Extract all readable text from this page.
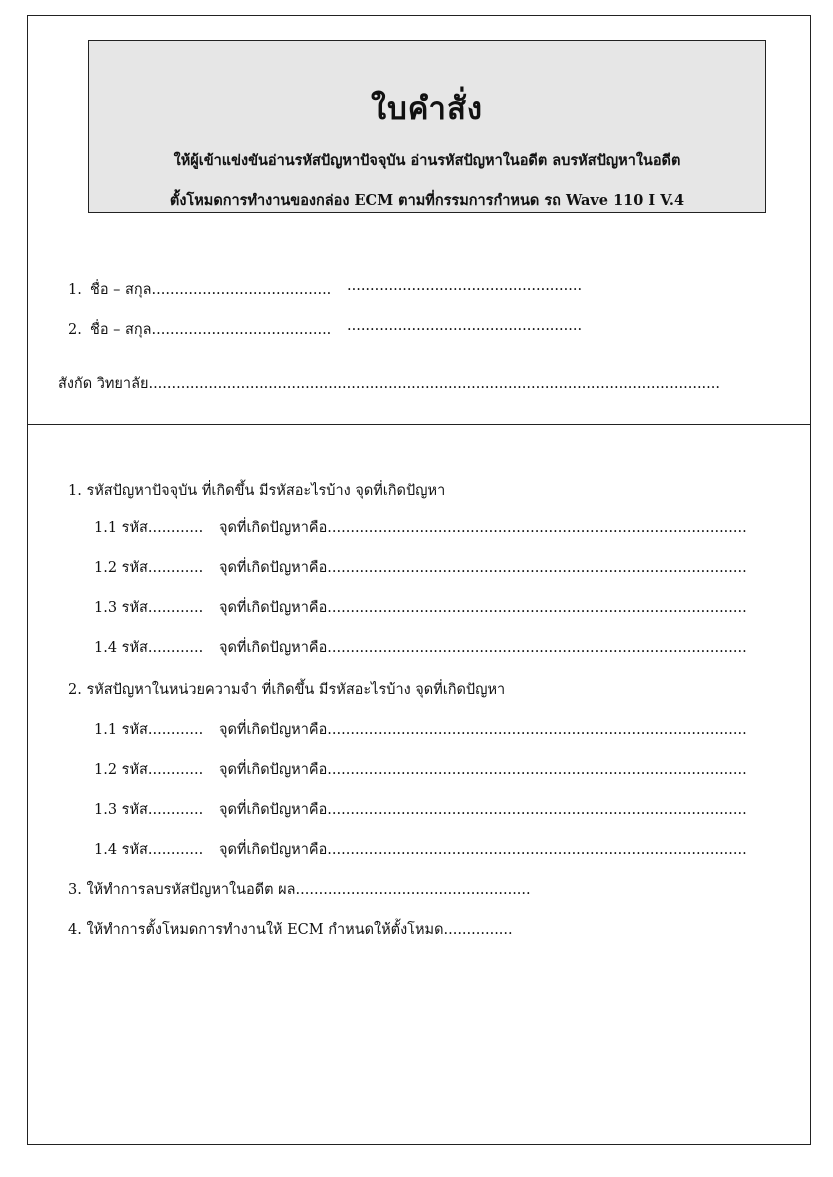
ใบคำสั่ง
ให้ผู้เข้าแข่งขันอ่านรหัสปัญหาปัจจุบัน อ่านรหัสปัญหาในอดีต ลบรหัสปัญหาในอดีต
ตั้งโหมดการทำงานของกล่อง ECM ตามที่กรรมการกำหนด รถ Wave 110 I V.4
1. ชื่อ – สกุล....................................... ...................................................
2. ชื่อ – สกุล....................................... ...................................................
สังกัด วิทยาลัย............................................................................................................................
1. รหัสปัญหาปัจจุบัน ที่เกิดขึ้น มีรหัสอะไรบ้าง จุดที่เกิดปัญหา
1.1 รหัส............ จุดที่เกิดปัญหาคือ...........................................................................................
1.2 รหัส............ จุดที่เกิดปัญหาคือ...........................................................................................
1.3 รหัส............ จุดที่เกิดปัญหาคือ...........................................................................................
1.4 รหัส............ จุดที่เกิดปัญหาคือ...........................................................................................
2. รหัสปัญหาในหน่วยความจำ ที่เกิดขึ้น มีรหัสอะไรบ้าง จุดที่เกิดปัญหา
1.1 รหัส............ จุดที่เกิดปัญหาคือ...........................................................................................
1.2 รหัส............ จุดที่เกิดปัญหาคือ...........................................................................................
1.3 รหัส............ จุดที่เกิดปัญหาคือ...........................................................................................
1.4 รหัส............ จุดที่เกิดปัญหาคือ...........................................................................................
3. ให้ทำการลบรหัสปัญหาในอดีต ผล...................................................
4. ให้ทำการตั้งโหมดการทำงานให้ ECM กำหนดให้ตั้งโหมด...............
